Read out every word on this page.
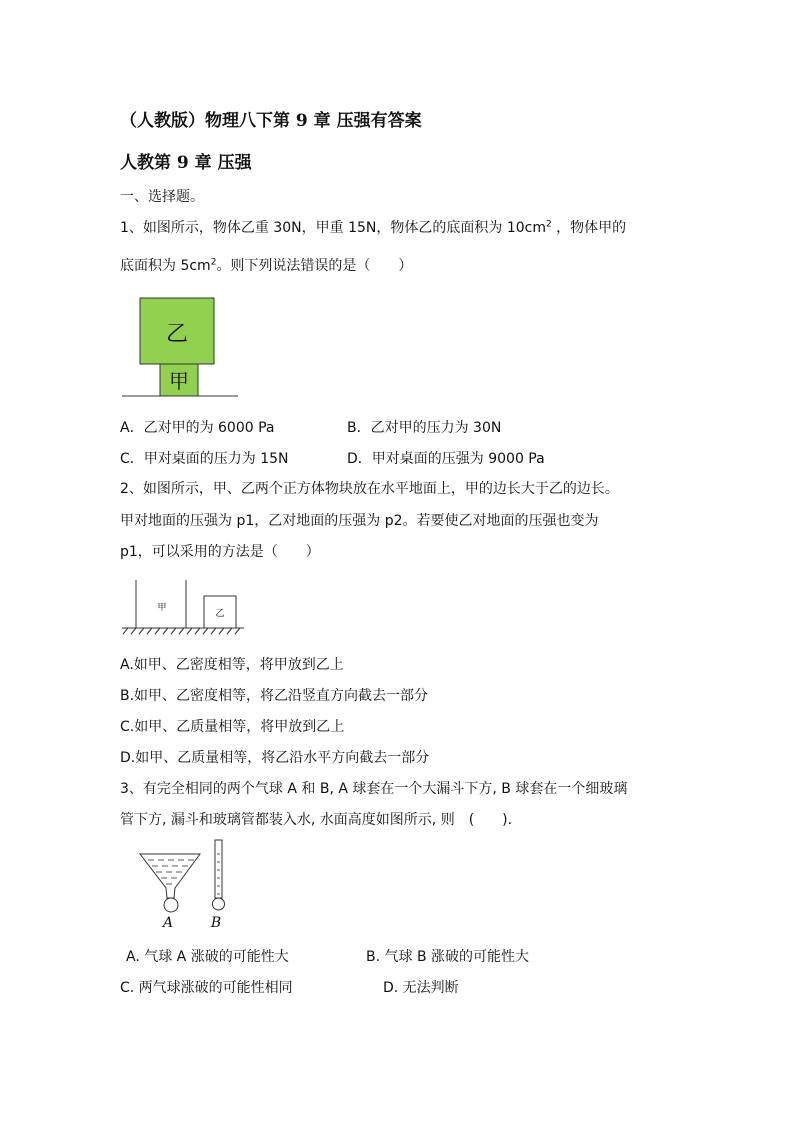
（人教版）物理八下第 9 章 压强有答案
人教第 9 章 压强
一、选择题。
1、如图所示，物体乙重 30N，甲重 15N，物体乙的底面积为 $10cm^2$ ，物体甲的
底面积为 $5cm^2$。则下列说法错误的是（　　）
乙
甲
A．乙对甲的为 6000 Pa	B．乙对甲的压力为 30N
C．甲对桌面的压力为 15N	D．甲对桌面的压强为 9000 Pa
2、如图所示，甲、乙两个正方体物块放在水平地面上，甲的边长大于乙的边长。
甲对地面的压强为 p1，乙对地面的压强为 p2。若要使乙对地面的压强也变为
p1，可以采用的方法是（　　）
甲
乙
A.如甲、乙密度相等，将甲放到乙上
B.如甲、乙密度相等，将乙沿竖直方向截去一部分
C.如甲、乙质量相等，将甲放到乙上
D.如甲、乙质量相等，将乙沿水平方向截去一部分
3、有完全相同的两个气球 A 和 B, A 球套在一个大漏斗下方, B 球套在一个细玻璃
管下方, 漏斗和玻璃管都装入水, 水面高度如图所示, 则　(　　).
A	B
A. 气球 A 涨破的可能性大	B. 气球 B 涨破的可能性大
C. 两气球涨破的可能性相同	D. 无法判断
